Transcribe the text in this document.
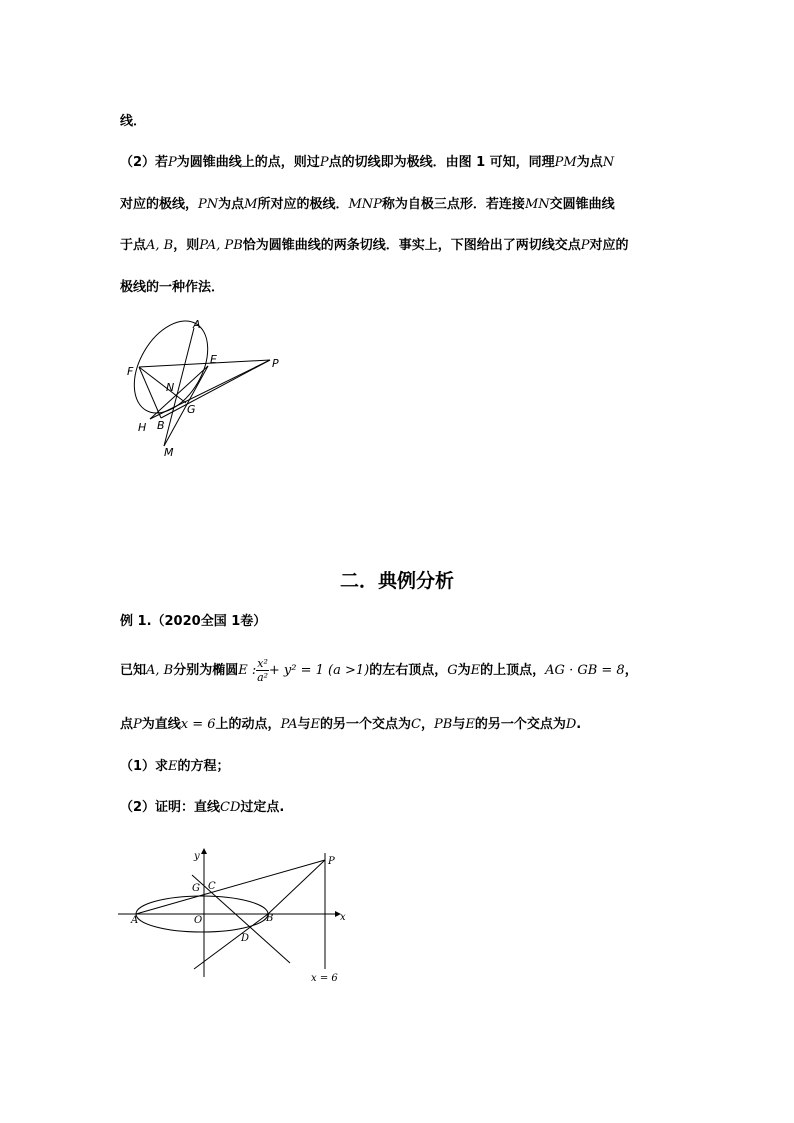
线．
（2）若P为圆锥曲线上的点，则过P点的切线即为极线．由图 1 可知，同理PM为点N
对应的极线，PN为点M所对应的极线．MNP称为自极三点形．若连接MN交圆锥曲线
于点A, B，则PA, PB恰为圆锥曲线的两条切线．事实上，下图给出了两切线交点P对应的
极线的一种作法．
A
F
E	P
N
G
H B
M
二．典例分析
例 1.（2020全国 1卷）
已知A, B分别为椭圆E : $\frac{\text{x²}}{\text{a²}} + y^2 = 1$ (a >1)的左右顶点，G为E的上顶点，AG · GB = 8，
点P为直线x = 6上的动点，PA与E的另一个交点为C，PB与E的另一个交点为D.
（1）求E的方程；
（2）证明：直线CD过定点.
y	P
G C
A	O	B	x
D
x = 6
